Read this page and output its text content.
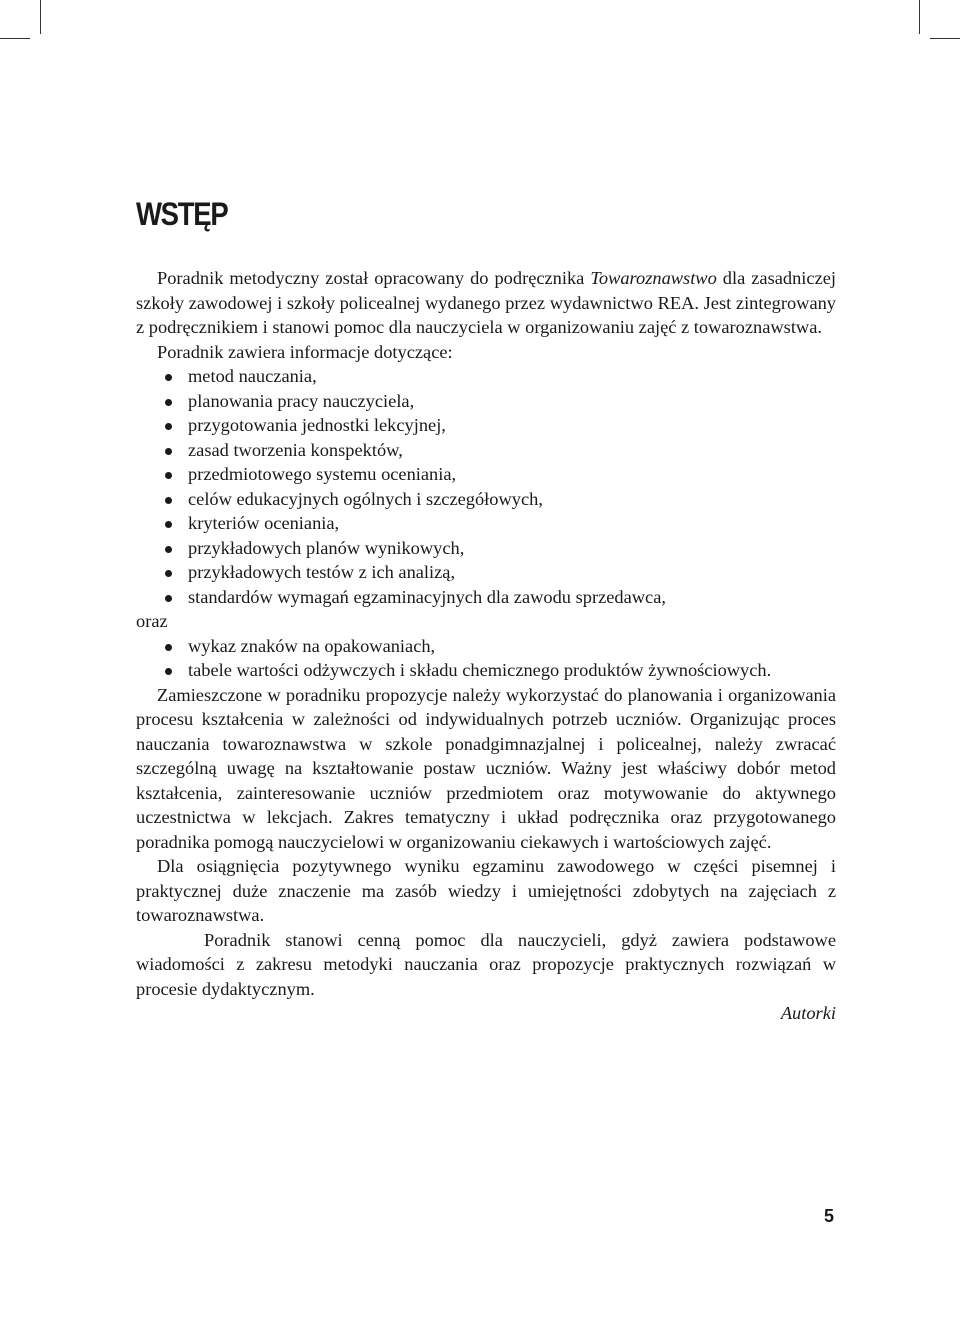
WSTĘP

Poradnik metodyczny został opracowany do podręcznika Towaroznawstwo dla zasadniczej szkoły zawodowej i szkoły policealnej wydanego przez wydawnictwo REA. Jest zintegrowany z podręcznikiem i stanowi pomoc dla nauczyciela w organizowaniu zajęć z towaroznawstwa.

Poradnik zawiera informacje dotyczące:

metod nauczania,
planowania pracy nauczyciela,
przygotowania jednostki lekcyjnej,
zasad tworzenia konspektów,
przedmiotowego systemu oceniania,
celów edukacyjnych ogólnych i szczegółowych,
kryteriów oceniania,
przykładowych planów wynikowych,
przykładowych testów z ich analizą,
standardów wymagań egzaminacyjnych dla zawodu sprzedawca,

oraz

wykaz znaków na opakowaniach,
tabele wartości odżywczych i składu chemicznego produktów żywnościowych.

Zamieszczone w poradniku propozycje należy wykorzystać do planowania i organizowania procesu kształcenia w zależności od indywidualnych potrzeb uczniów. Organizując proces nauczania towaroznawstwa w szkole ponadgimnazjalnej i policealnej, należy zwracać szczególną uwagę na kształtowanie postaw uczniów. Ważny jest właściwy dobór metod kształcenia, zainteresowanie uczniów przedmiotem oraz motywowanie do aktywnego uczestnictwa w lekcjach. Zakres tematyczny i układ podręcznika oraz przygotowanego poradnika pomogą nauczycielowi w organizowaniu ciekawych i wartościowych zajęć.

Dla osiągnięcia pozytywnego wyniku egzaminu zawodowego w części pisemnej i praktycznej duże znaczenie ma zasób wiedzy i umiejętności zdobytych na zajęciach z towaroznawstwa.

Poradnik stanowi cenną pomoc dla nauczycieli, gdyż zawiera podstawowe wiadomości z zakresu metodyki nauczania oraz propozycje praktycznych rozwiązań w procesie dydaktycznym.

Autorki

5
